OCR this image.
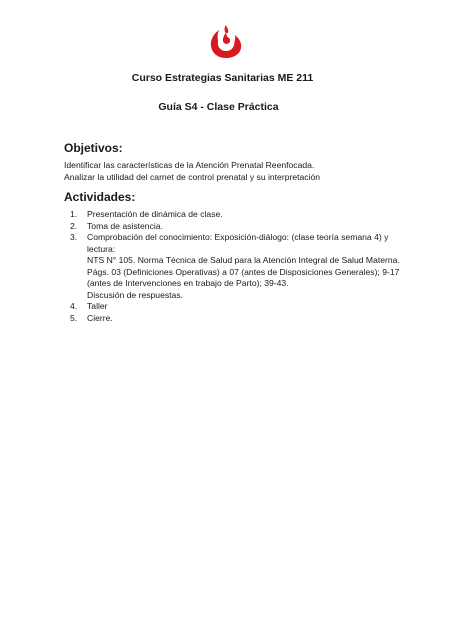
Curso Estrategias Sanitarias ME 211
Guía S4 - Clase Práctica
Objetivos:
Identificar las características de la Atención Prenatal Reenfocada.
Analizar la utilidad del carnet de control prenatal y su interpretación
Actividades:
1. Presentación de dinámica de clase.
2. Toma de asistencia.
3. Comprobación del conocimiento: Exposición-diálogo: (clase teoría semana 4) y
lectura:
NTS N° 105. Norma Técnica de Salud para la Atención Integral de Salud Materna.
Págs. 03 (Definiciones Operativas) a 07 (antes de Disposiciones Generales); 9-17
(antes de Intervenciones en trabajo de Parto); 39-43.
Discusión de respuestas.
4. Taller
5. Cierre.
